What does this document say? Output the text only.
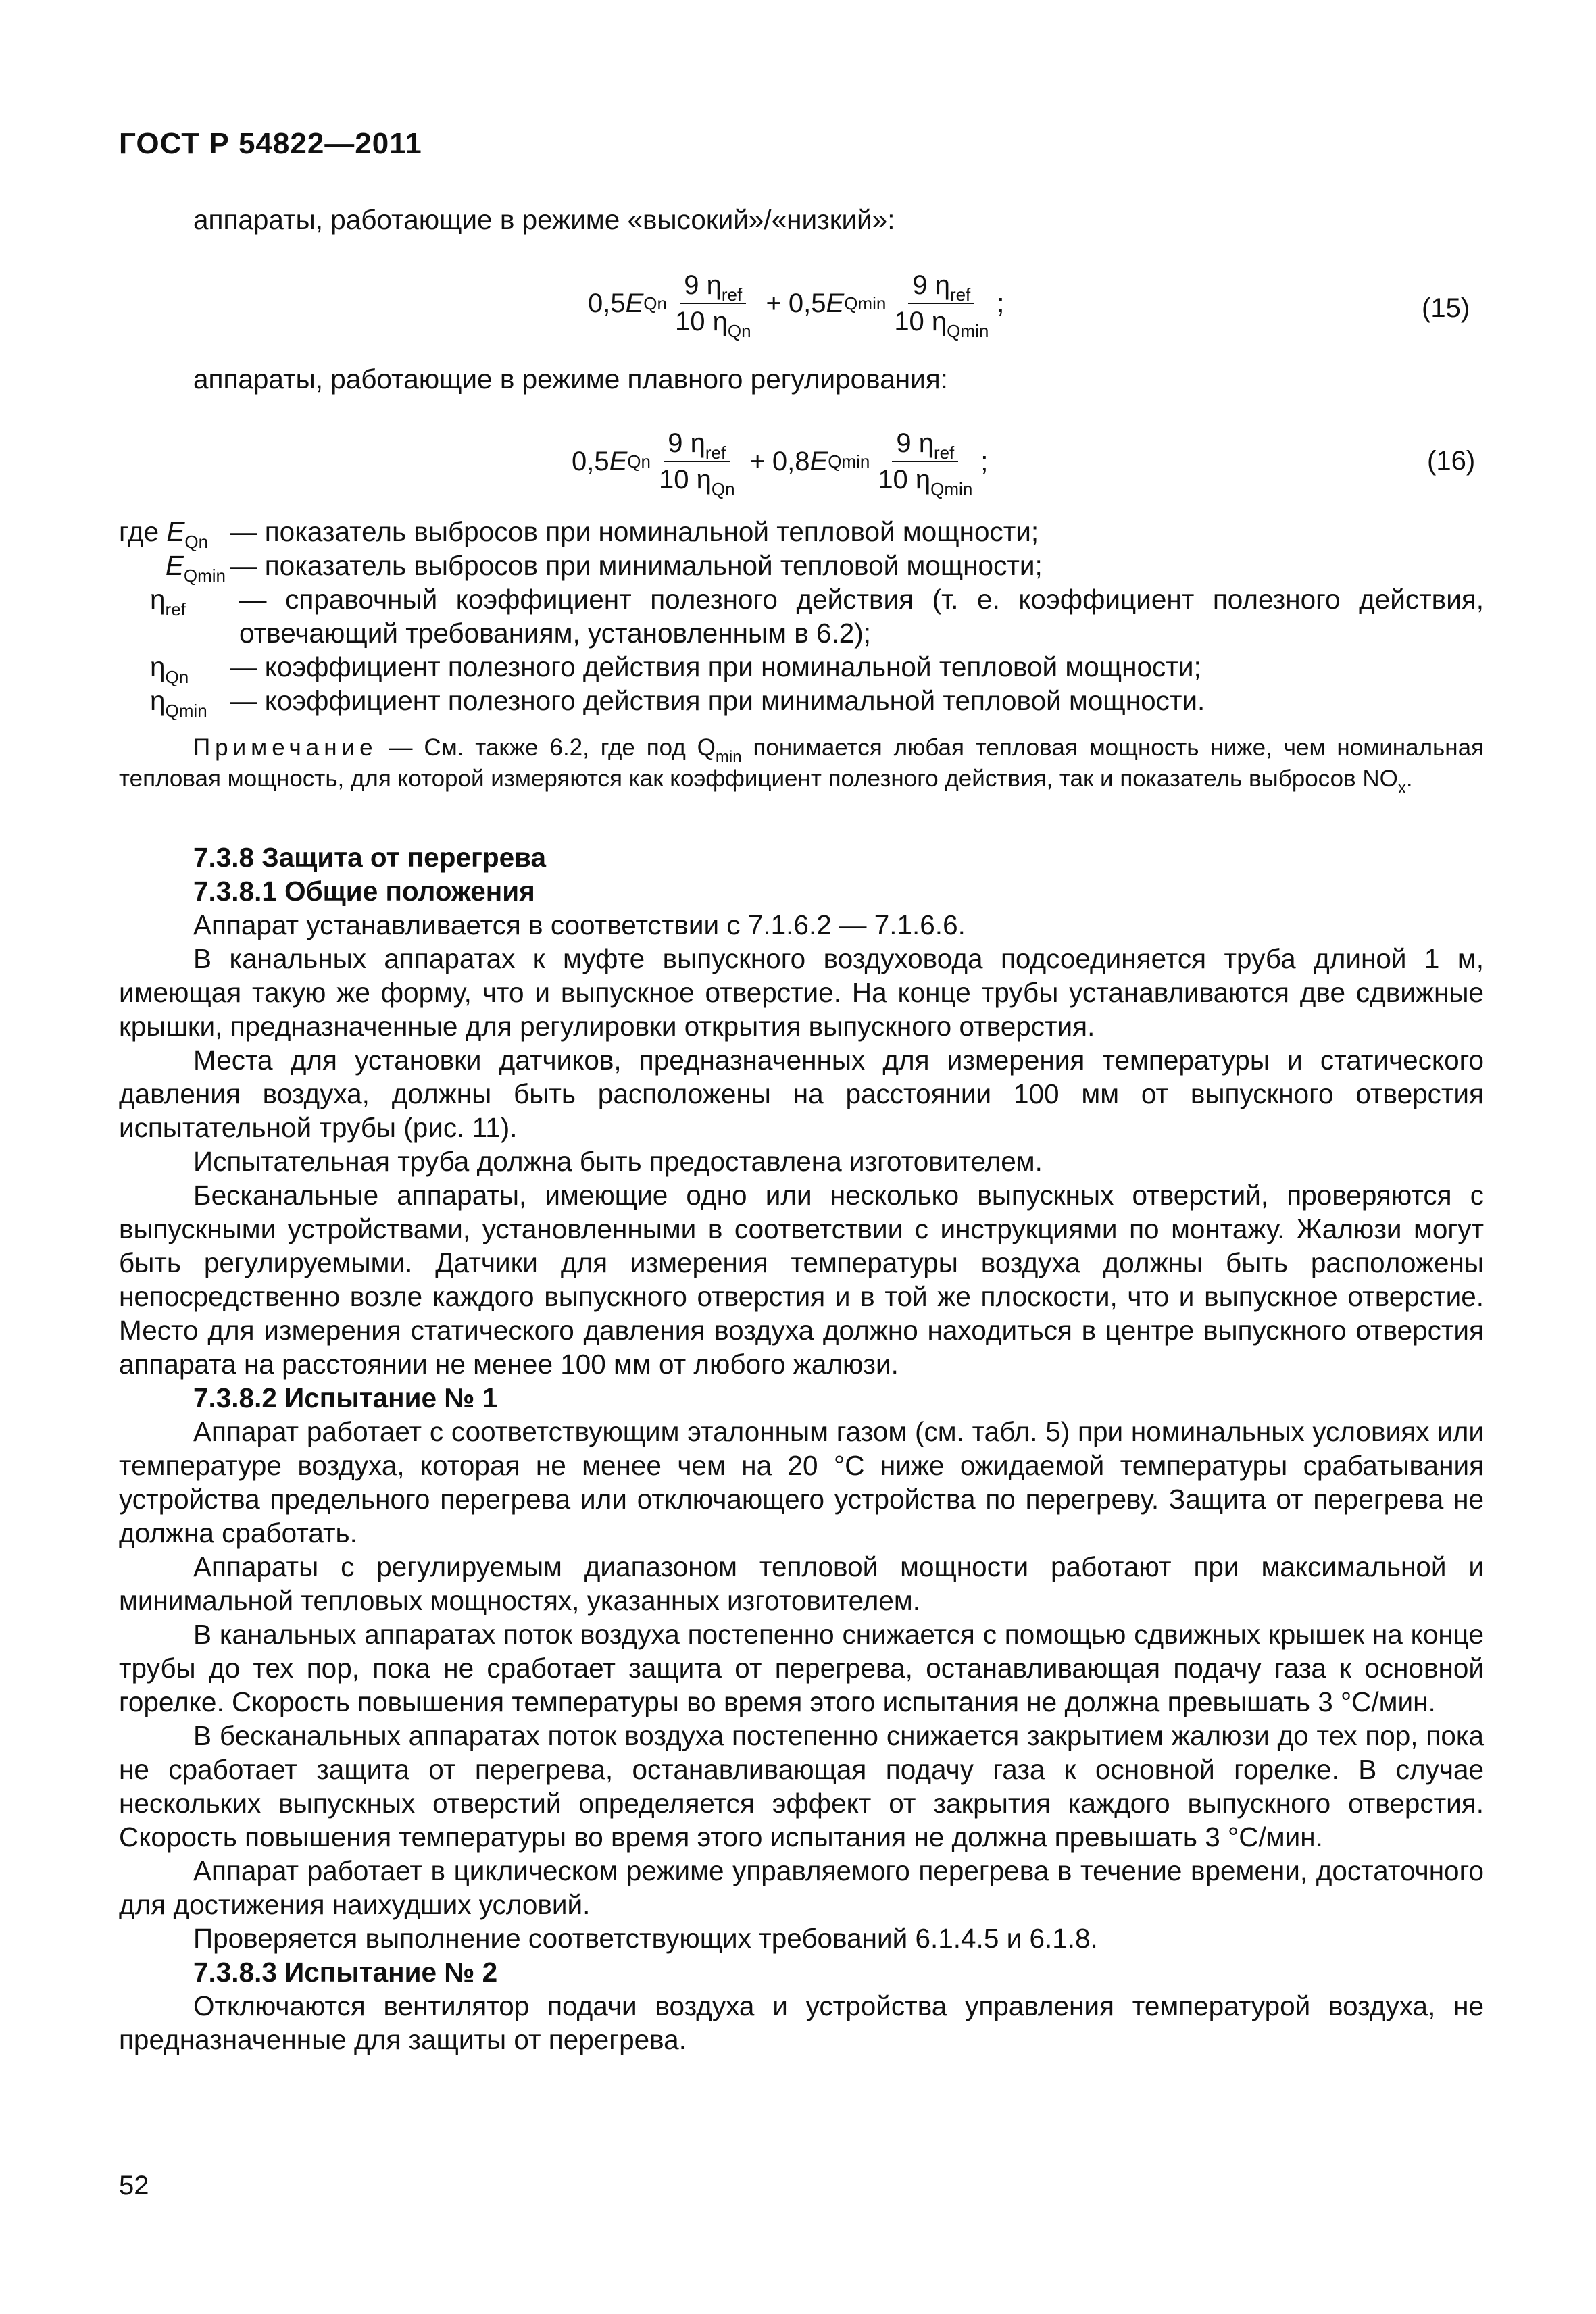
ГОСТ Р 54822—2011
аппараты, работающие в режиме «высокий»/«низкий»:
0,5 E Qn $\frac{9 \eta_{ref}}{10 \eta_{Qn}} + 0,5$ E Qmin $\frac{9 \eta_{ref}}{10 \eta_{Qmin}}$ ;	(15)
аппараты, работающие в режиме плавного регулирования:
0,5 E Qn $\frac{9 \eta_{ref}}{10 \eta_{Qn}} + 0,8$ E Qmin $\frac{9 \eta_{ref}}{10 \eta_{Qmin}}$ ;	(16)
где $E_{Qn}$ — показатель выбросов при номинальной тепловой мощности;
$E_{Qmin}$ — показатель выбросов при минимальной тепловой мощности;
$\eta_{ref}$	— справочный коэффициент полезного действия (т. е. коэффициент полезного действия, отвечающий требованиям, установленным в 6.2);
$\eta_{Qn}$	— коэффициент полезного действия при номинальной тепловой мощности;
$\eta_{Qmin}$ — коэффициент полезного действия при минимальной тепловой мощности.
Примечание — См. также 6.2, где под $Q_{min}$ понимается любая тепловая мощность ниже, чем номинальная тепловая мощность, для которой измеряются как коэффициент полезного действия, так и показатель выбросов $NO_x$.

7.3.8 Защита от перегрева

7.3.8.1 Общие положения

Аппарат устанавливается в соответствии с 7.1.6.2 — 7.1.6.6.

В канальных аппаратах к муфте выпускного воздуховода подсоединяется труба длиной 1 м, имеющая такую же форму, что и выпускное отверстие. На конце трубы устанавливаются две сдвижные крышки, предназначенные для регулировки открытия выпускного отверстия.

Места для установки датчиков, предназначенных для измерения температуры и статического давления воздуха, должны быть расположены на расстоянии 100 мм от выпускного отверстия испытательной трубы (рис. 11).

Испытательная труба должна быть предоставлена изготовителем.

Бесканальные аппараты, имеющие одно или несколько выпускных отверстий, проверяются с выпускными устройствами, установленными в соответствии с инструкциями по монтажу. Жалюзи могут быть регулируемыми. Датчики для измерения температуры воздуха должны быть расположены непосредственно возле каждого выпускного отверстия и в той же плоскости, что и выпускное отверстие. Место для измерения статического давления воздуха должно находиться в центре выпускного отверстия аппарата на расстоянии не менее 100 мм от любого жалюзи.

7.3.8.2 Испытание № 1

Аппарат работает с соответствующим эталонным газом (см. табл. 5) при номинальных условиях или температуре воздуха, которая не менее чем на 20 °С ниже ожидаемой температуры срабатывания устройства предельного перегрева или отключающего устройства по перегреву. Защита от перегрева не должна сработать.

Аппараты с регулируемым диапазоном тепловой мощности работают при максимальной и минимальной тепловых мощностях, указанных изготовителем.

В канальных аппаратах поток воздуха постепенно снижается с помощью сдвижных крышек на конце трубы до тех пор, пока не сработает защита от перегрева, останавливающая подачу газа к основной горелке. Скорость повышения температуры во время этого испытания не должна превышать 3 °С/мин.

В бесканальных аппаратах поток воздуха постепенно снижается закрытием жалюзи до тех пор, пока не сработает защита от перегрева, останавливающая подачу газа к основной горелке. В случае нескольких выпускных отверстий определяется эффект от закрытия каждого выпускного отверстия. Скорость повышения температуры во время этого испытания не должна превышать 3 °С/мин.

Аппарат работает в циклическом режиме управляемого перегрева в течение времени, достаточного для достижения наихудших условий.

Проверяется выполнение соответствующих требований 6.1.4.5 и 6.1.8.

7.3.8.3 Испытание № 2

Отключаются вентилятор подачи воздуха и устройства управления температурой воздуха, не предназначенные для защиты от перегрева.

52
